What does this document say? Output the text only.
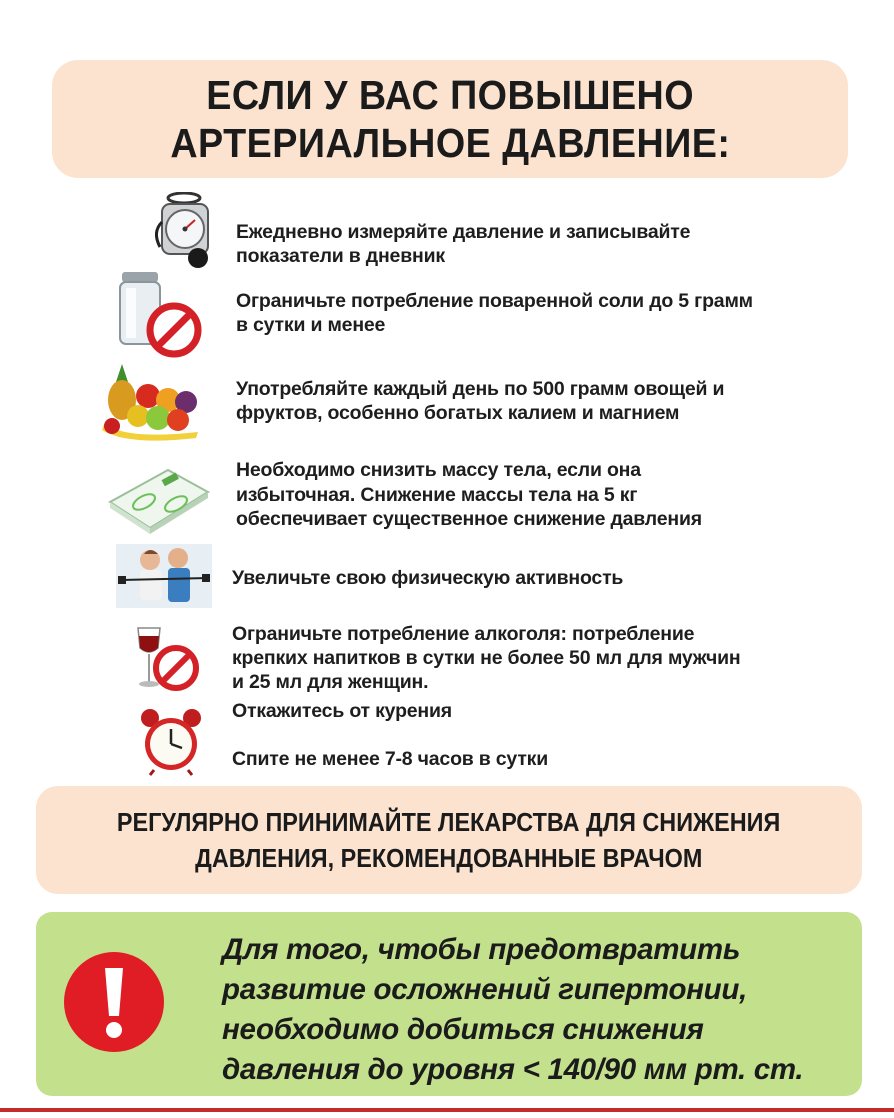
ЕСЛИ У ВАС ПОВЫШЕНО
АРТЕРИАЛЬНОЕ ДАВЛЕНИЕ:
Ежедневно измеряйте давление и записывайте
показатели в дневник
Ограничьте потребление поваренной соли до 5 грамм
в сутки и менее
Употребляйте каждый день по 500 грамм овощей и
фруктов, особенно богатых калием и магнием
Необходимо снизить массу тела, если она
избыточная. Снижение массы тела на 5 кг
обеспечивает существенное снижение давления
Увеличьте свою физическую активность
Ограничьте потребление алкоголя: потребление
крепких напитков в сутки не более 50 мл для мужчин
и 25 мл для женщин.
Откажитесь от курения
Спите не менее 7-8 часов в сутки
РЕГУЛЯРНО ПРИНИМАЙТЕ ЛЕКАРСТВА ДЛЯ СНИЖЕНИЯ
ДАВЛЕНИЯ, РЕКОМЕНДОВАННЫЕ ВРАЧОМ
Для того, чтобы предотвратить
развитие осложнений гипертонии,
необходимо добиться снижения
давления до уровня < 140/90 мм рт. ст.
